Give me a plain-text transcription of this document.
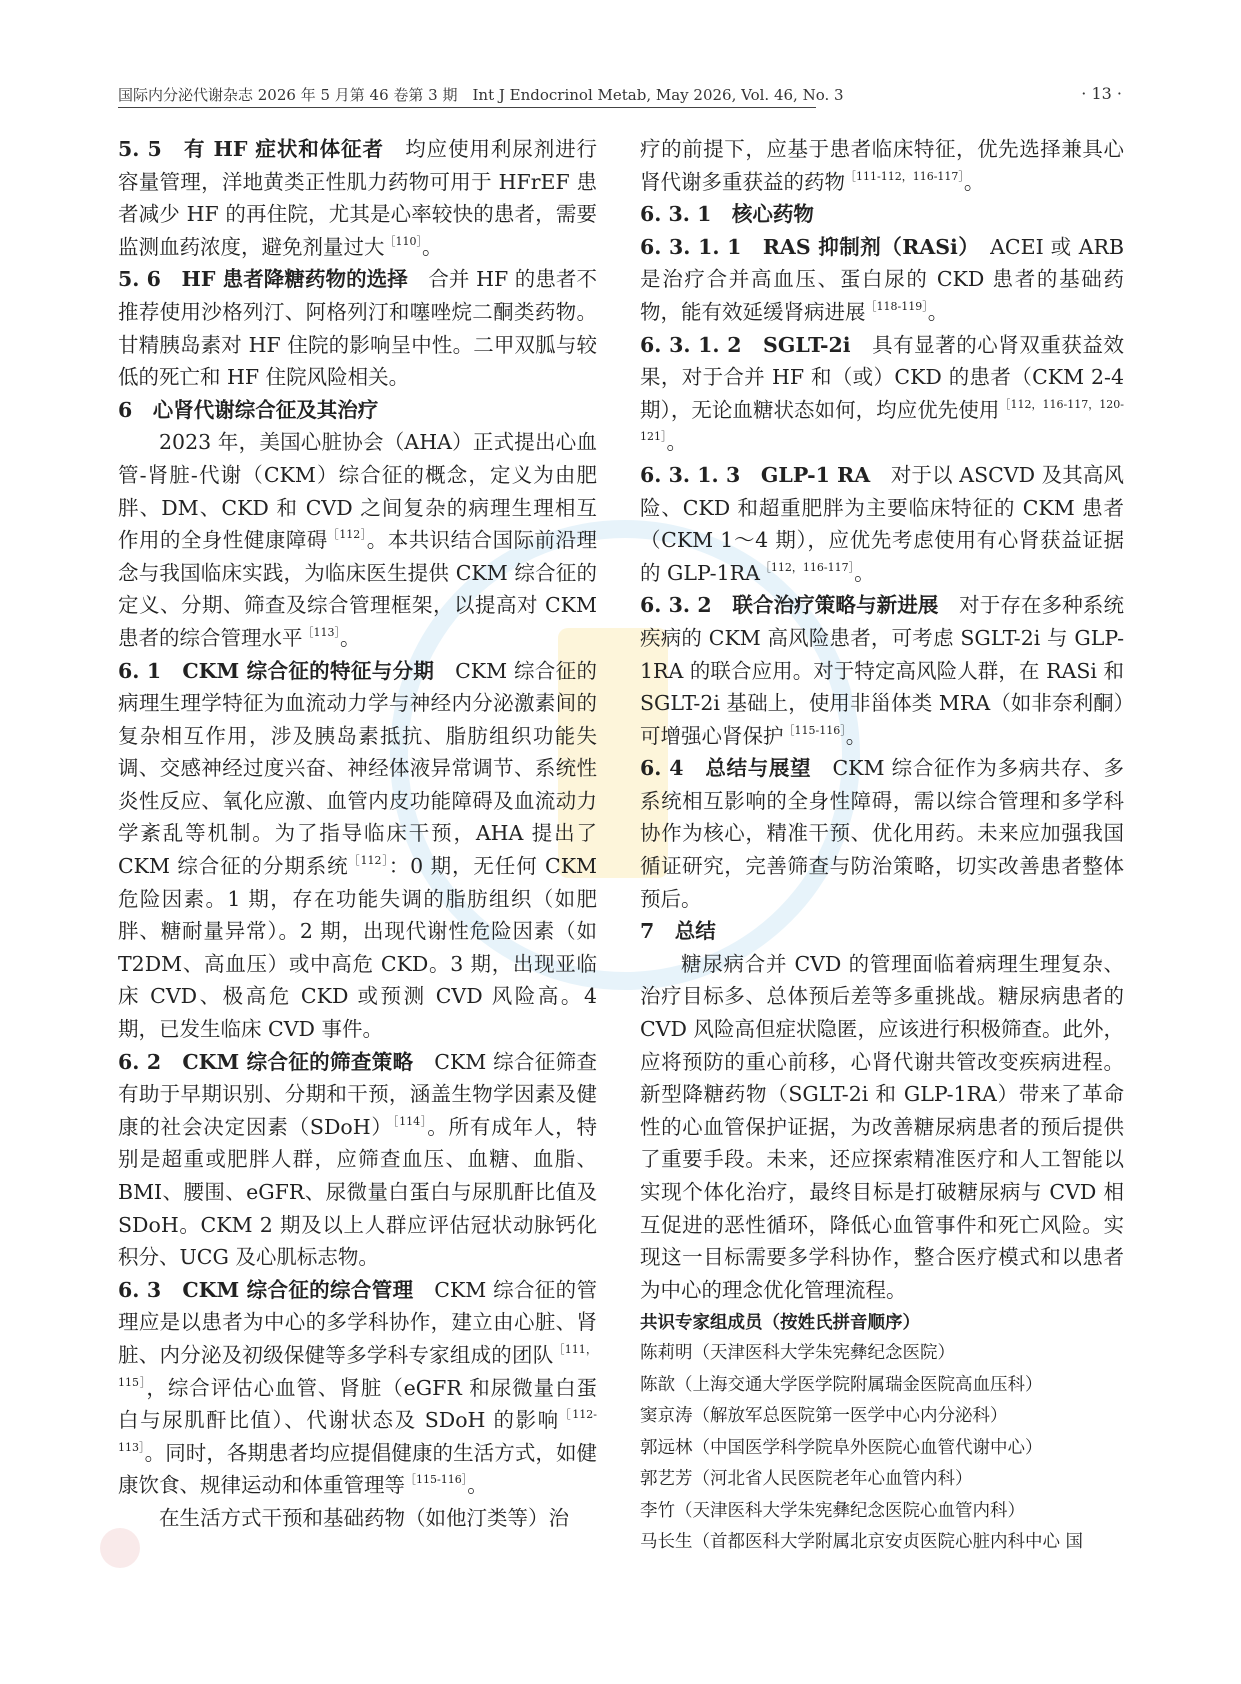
国际内分泌代谢杂志 2026 年 5 月第 46 卷第 3 期　Int J Endocrinol Metab, May 2026, Vol. 46, No. 3	· 13 ·

5. 5　有 HF 症状和体征者　均应使用利尿剂进行容量管理，洋地黄类正性肌力药物可用于 HFrEF 患者减少 HF 的再住院，尤其是心率较快的患者，需要监测血药浓度，避免剂量过大$^{[110]}$。

5. 6　HF 患者降糖药物的选择　合并 HF 的患者不推荐使用沙格列汀、阿格列汀和噻唑烷二酮类药物。甘精胰岛素对 HF 住院的影响呈中性。二甲双胍与较低的死亡和 HF 住院风险相关。

6　心肾代谢综合征及其治疗

2023 年，美国心脏协会（AHA）正式提出心血管-肾脏-代谢（CKM）综合征的概念，定义为由肥胖、DM、CKD 和 CVD 之间复杂的病理生理相互作用的全身性健康障碍$^{[112]}$。本共识结合国际前沿理念与我国临床实践，为临床医生提供 CKM 综合征的定义、分期、筛查及综合管理框架，以提高对 CKM 患者的综合管理水平$^{[113]}$。

6. 1　CKM 综合征的特征与分期　CKM 综合征的病理生理学特征为血流动力学与神经内分泌激素间的复杂相互作用，涉及胰岛素抵抗、脂肪组织功能失调、交感神经过度兴奋、神经体液异常调节、系统性炎性反应、氧化应激、血管内皮功能障碍及血流动力学紊乱等机制。为了指导临床干预，AHA 提出了 CKM 综合征的分期系统$^{[112]}$：0 期，无任何 CKM 危险因素。1 期，存在功能失调的脂肪组织（如肥胖、糖耐量异常）。2 期，出现代谢性危险因素（如 T2DM、高血压）或中高危 CKD。3 期，出现亚临床 CVD、极高危 CKD 或预测 CVD 风险高。4 期，已发生临床 CVD 事件。

6. 2　CKM 综合征的筛查策略　CKM 综合征筛查有助于早期识别、分期和干预，涵盖生物学因素及健康的社会决定因素（SDoH）$^{[114]}$。所有成年人，特别是超重或肥胖人群，应筛查血压、血糖、血脂、BMI、腰围、eGFR、尿微量白蛋白与尿肌酐比值及 SDoH。CKM 2 期及以上人群应评估冠状动脉钙化积分、UCG 及心肌标志物。

6. 3　CKM 综合征的综合管理　CKM 综合征的管理应是以患者为中心的多学科协作，建立由心脏、肾脏、内分泌及初级保健等多学科专家组成的团队$^{[111,115]}$，综合评估心血管、肾脏（eGFR 和尿微量白蛋白与尿肌酐比值）、代谢状态及 SDoH 的影响$^{[112-113]}$。同时，各期患者均应提倡健康的生活方式，如健康饮食、规律运动和体重管理等$^{[115-116]}$。

在生活方式干预和基础药物（如他汀类等）治

疗的前提下，应基于患者临床特征，优先选择兼具心肾代谢多重获益的药物$^{[111-112,116-117]}$。

6. 3. 1　核心药物

6. 3. 1. 1　RAS 抑制剂（RASi）　ACEI 或 ARB 是治疗合并高血压、蛋白尿的 CKD 患者的基础药物，能有效延缓肾病进展$^{[118-119]}$。

6. 3. 1. 2　SGLT-2i　具有显著的心肾双重获益效果，对于合并 HF 和（或）CKD 的患者（CKM 2-4 期），无论血糖状态如何，均应优先使用$^{[112,116-117,120-121]}$。

6. 3. 1. 3　GLP-1 RA　对于以 ASCVD 及其高风险、CKD 和超重肥胖为主要临床特征的 CKM 患者（CKM 1～4 期），应优先考虑使用有心肾获益证据的 GLP-$1RA^{[112,116-117]}$。

6. 3. 2　联合治疗策略与新进展　对于存在多种系统疾病的 CKM 高风险患者，可考虑 SGLT-2i 与 GLP-1RA 的联合应用。对于特定高风险人群，在 RASi 和 SGLT-2i 基础上，使用非甾体类 MRA（如非奈利酮）可增强心肾保护$^{[115-116]}$。

6. 4　总结与展望　CKM 综合征作为多病共存、多系统相互影响的全身性障碍，需以综合管理和多学科协作为核心，精准干预、优化用药。未来应加强我国循证研究，完善筛查与防治策略，切实改善患者整体预后。

7　总结

糖尿病合并 CVD 的管理面临着病理生理复杂、治疗目标多、总体预后差等多重挑战。糖尿病患者的 CVD 风险高但症状隐匿，应该进行积极筛查。此外，应将预防的重心前移，心肾代谢共管改变疾病进程。新型降糖药物（SGLT-2i 和 GLP-1RA）带来了革命性的心血管保护证据，为改善糖尿病患者的预后提供了重要手段。未来，还应探索精准医疗和人工智能以实现个体化治疗，最终目标是打破糖尿病与 CVD 相互促进的恶性循环，降低心血管事件和死亡风险。实现这一目标需要多学科协作，整合医疗模式和以患者为中心的理念优化管理流程。

共识专家组成员（按姓氏拼音顺序）

陈莉明（天津医科大学朱宪彝纪念医院）

陈歆（上海交通大学医学院附属瑞金医院高血压科）

窦京涛（解放军总医院第一医学中心内分泌科）

郭远林（中国医学科学院阜外医院心血管代谢中心）

郭艺芳（河北省人民医院老年心血管内科）

李竹（天津医科大学朱宪彝纪念医院心血管内科）

马长生（首都医科大学附属北京安贞医院心脏内科中心 国
